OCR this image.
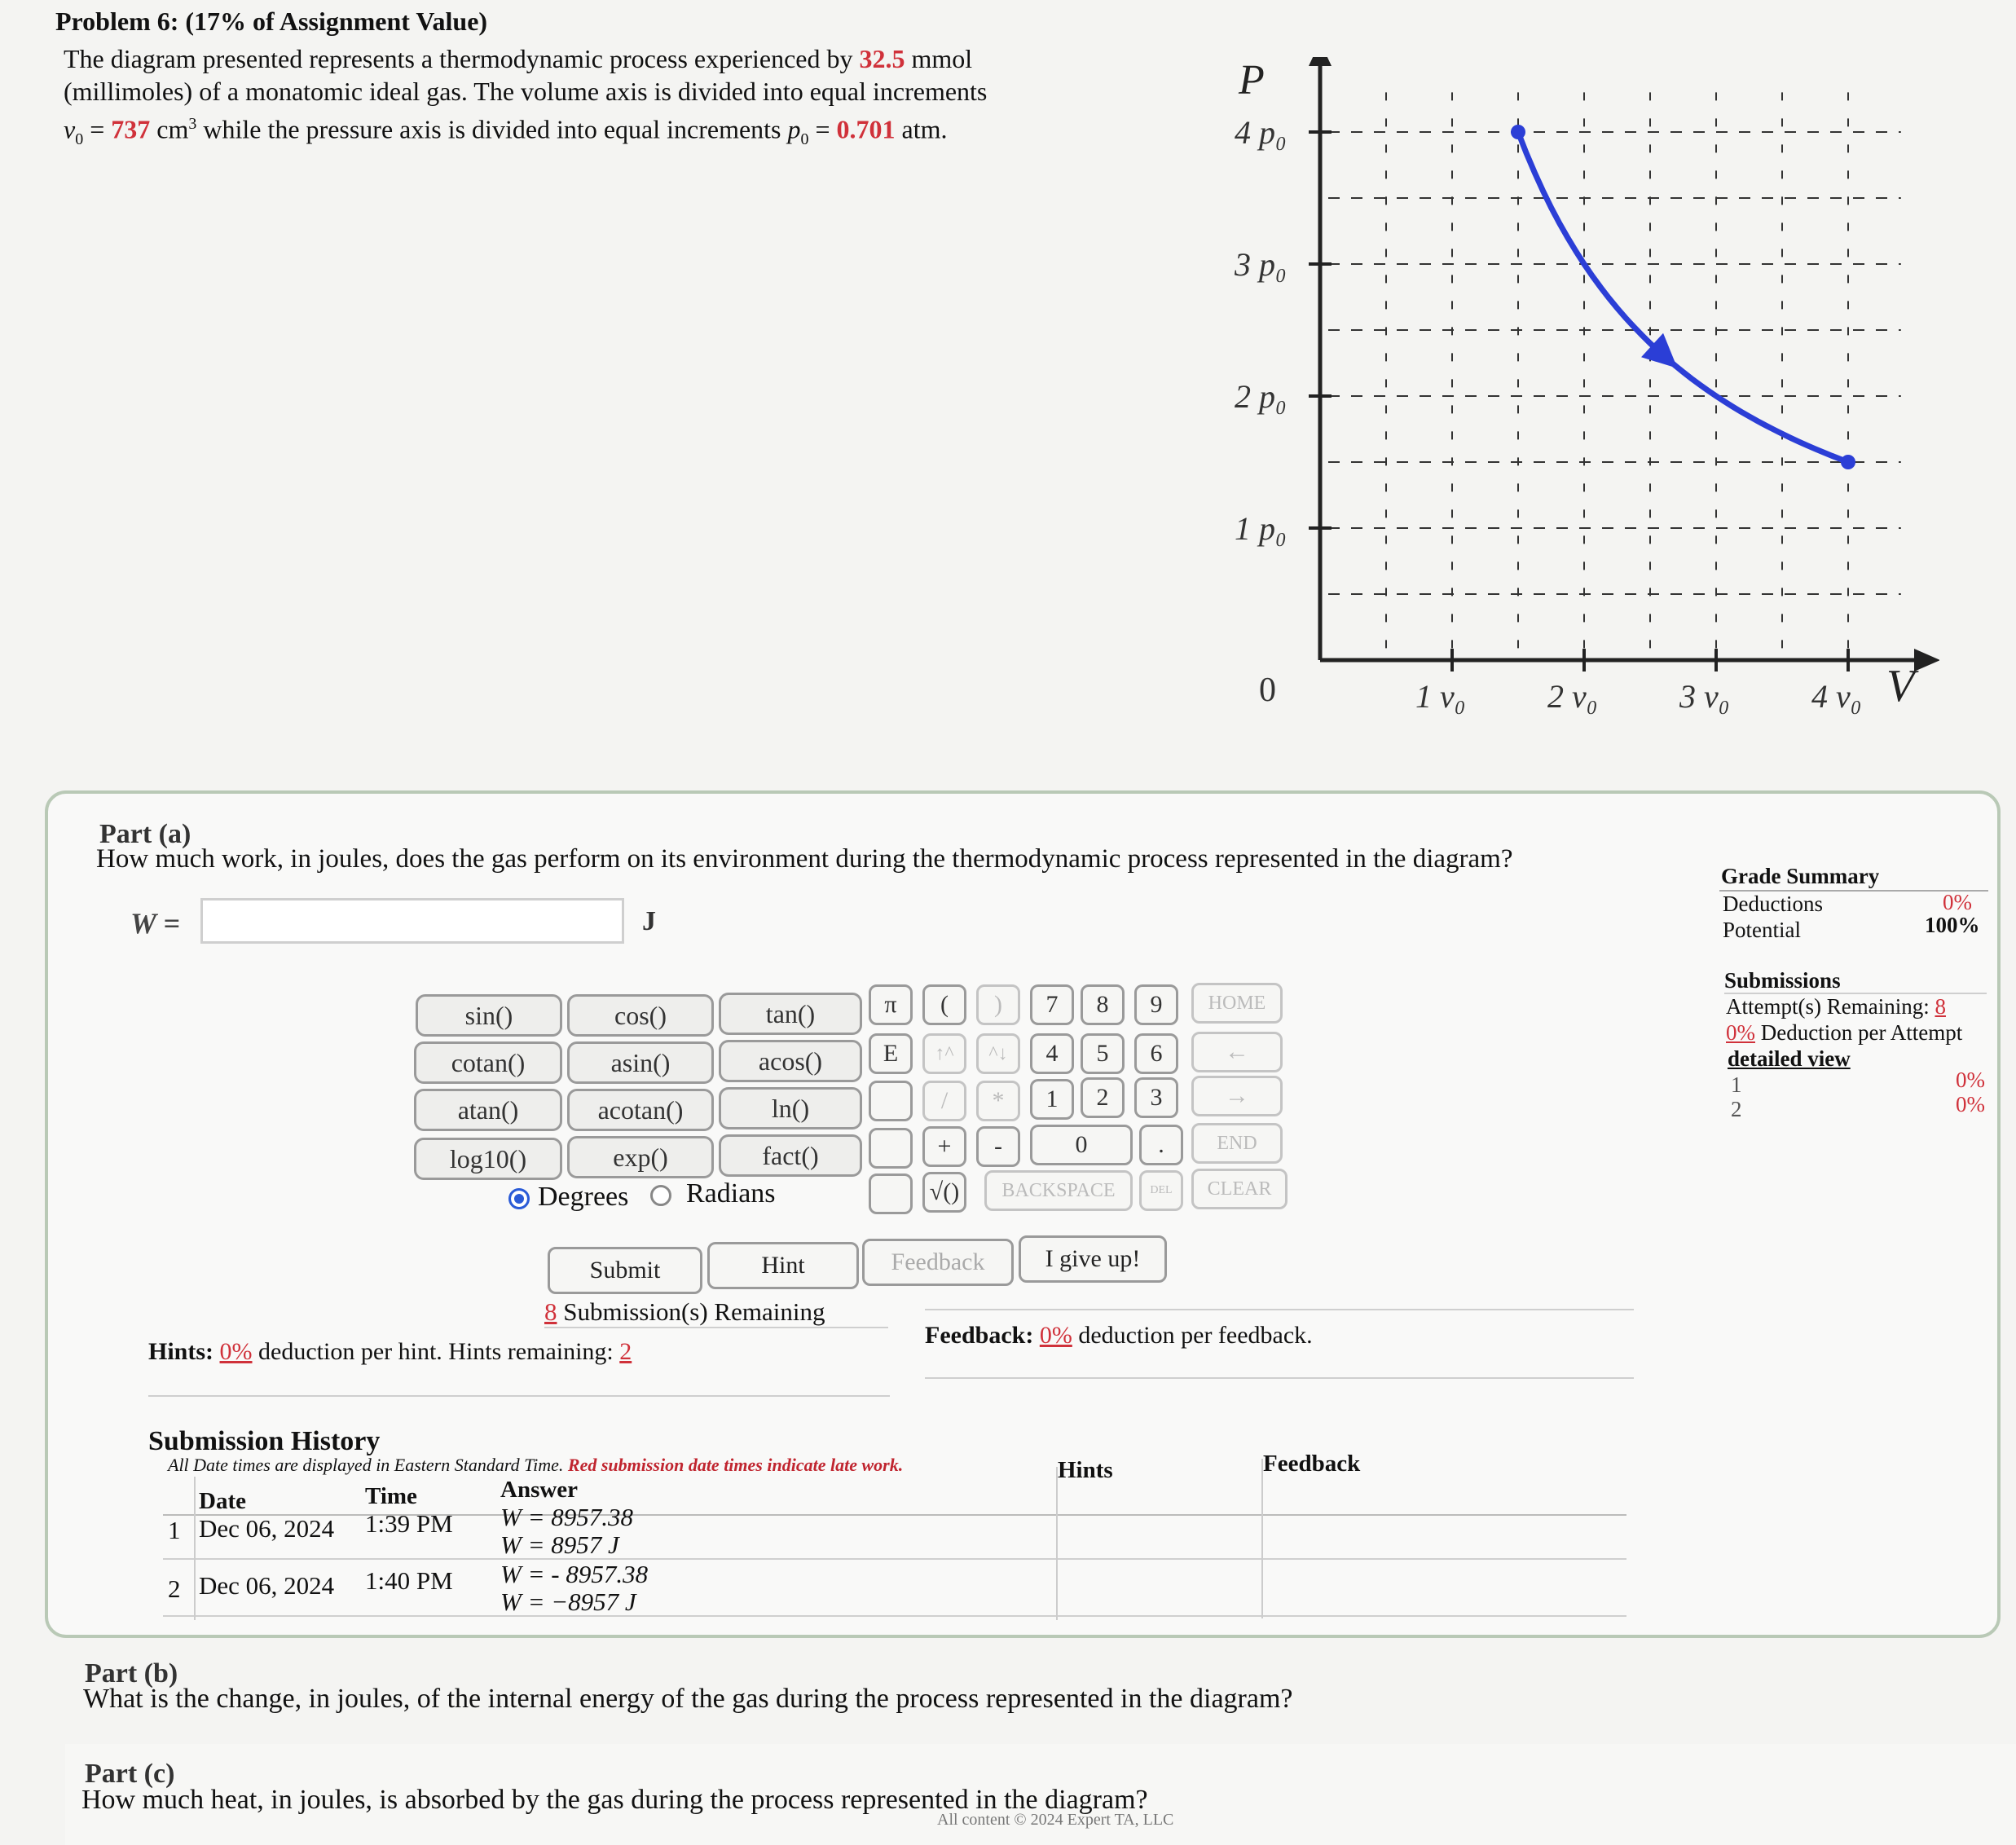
Problem 6: (17% of Assignment Value)

The diagram presented represents a thermodynamic process experienced by 32.5 mmol

(millimoles) of a monatomic ideal gas. The volume axis is divided into equal increments

$v_0 = 737$ $cm^3$ while the pressure axis is divided into equal increments $p_0 = 0.701$ atm.

P
V
0
4 p₀
3 p₀
2 p₀
1 p₀
1 v₀	2 v₀	3 v₀	4 v₀
Part (a)
How much work, in joules, does the gas perform on its environment during the thermodynamic process represented in the diagram?
W =	J
sin()	cos()	tan()
cotan()	asin()	acos()
atan()	acotan()	ln()
log10()	exp()	fact()
π	(	)	7	8	9	HOME
E	↑^	^↓	4	5	6	←
/	*	1	2	3	→
+	-	0	.	END
√()	BACKSPACE	DEL	CLEAR
Degrees Radians
Submit	Hint	Feedback	I give up!
8 Submission(s) Remaining
Hints: 0% deduction per hint. Hints remaining: 2
Feedback: 0% deduction per feedback.
Submission History
All Date times are displayed in Eastern Standard Time. Red submission date times indicate late work.
Date	Time	Answer
Hints	Feedback
1 Dec 06, 2024 1:39 PM W = 8957.38
W = 8957 J
2 Dec 06, 2024 1:40 PM W = - 8957.38
W = −8957 J
Grade Summary
Deductions	0%
Potential	100%
Submissions
Attempt(s) Remaining: 8
0% Deduction per Attempt
detailed view
1	0%
2	0%
Part (b)
What is the change, in joules, of the internal energy of the gas during the process represented in the diagram?
Part (c)
How much heat, in joules, is absorbed by the gas during the process represented in the diagram?
All content © 2024 Expert TA, LLC
